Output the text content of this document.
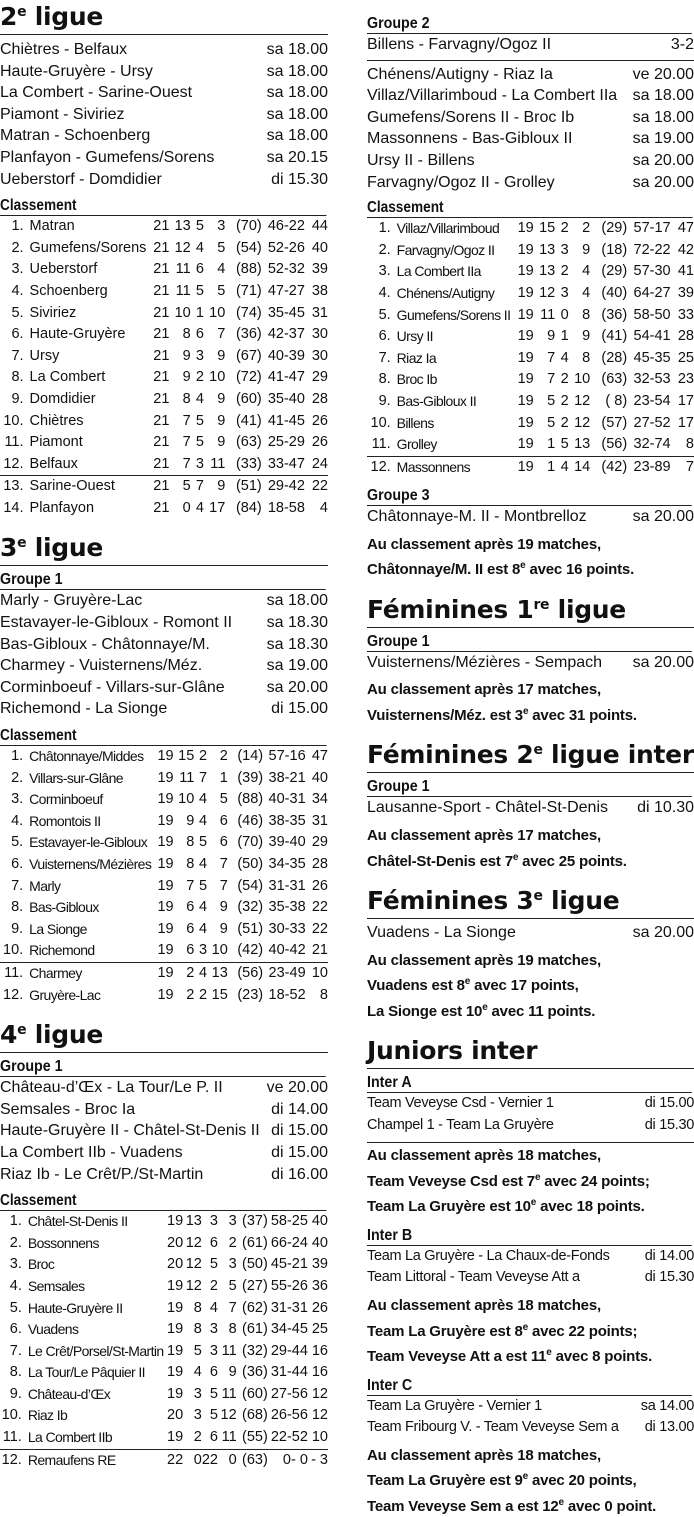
2e ligue
Chiètres - Belfaux	sa 18.00
Haute-Gruyère - Ursy	sa 18.00
La Combert - Sarine-Ouest	sa 18.00
Piamont - Siviriez	sa 18.00
Matran - Schoenberg	sa 18.00
Planfayon - Gumefens/Sorens	sa 20.15
Ueberstorf - Domdidier	di 15.30
Classement
1.	Matran	21	13	5	3	(70)	46-22	44
2.	Gumefens/Sorens	21	12	4	5	(54)	52-26	40
3.	Ueberstorf	21	11	6	4	(88)	52-32	39
4.	Schoenberg	21	11	5	5	(71)	47-27	38
5.	Siviriez	21	10	1	10	(74)	35-45	31
6.	Haute-Gruyère	21	8	6	7	(36)	42-37	30
7.	Ursy	21	9	3	9	(67)	40-39	30
8.	La Combert	21	9	2	10	(72)	41-47	29
9.	Domdidier	21	8	4	9	(60)	35-40	28
10.	Chiètres	21	7	5	9	(41)	41-45	26
11.	Piamont	21	7	5	9	(63)	25-29	26
12.	Belfaux	21	7	3	11	(33)	33-47	24
13.	Sarine-Ouest	21	5	7	9	(51)	29-42	22
14.	Planfayon	21	0	4	17	(84)	18-58	4
3e ligue
Groupe 1
Marly - Gruyère-Lac	sa 18.00
Estavayer-le-Gibloux - Romont II sa 18.30
Bas-Gibloux - Châtonnaye/M.	sa 18.30
Charmey - Vuisternens/Méz.	sa 19.00
Corminboeuf - Villars-sur-Glâne	sa 20.00
Richemond - La Sionge	di 15.00
Classement
1.	Châtonnaye/Middes	19	15	2	2	(14)	57-16	47
2.	Villars-sur-Glâne	19	11	7	1	(39)	38-21	40
3.	Corminboeuf	19	10	4	5	(88)	40-31	34
4.	Romontois II	19	9	4	6	(46)	38-35	31
5.	Estavayer-le-Gibloux	19	8	5	6	(70)	39-40	29
6.	Vuisternens/Mézières	19	8	4	7	(50)	34-35	28
7.	Marly	19	7	5	7	(54)	31-31	26
8.	Bas-Gibloux	19	6	4	9	(32)	35-38	22
9.	La Sionge	19	6	4	9	(51)	30-33	22
10.	Richemond	19	6	3	10	(42)	40-42	21
11.	Charmey	19	2	4	13	(56)	23-49	10
12.	Gruyère-Lac	19	2	2	15	(23)	18-52	8
4e ligue
Groupe 1
Château-d’Œx - La Tour/Le P. II	ve 20.00
Semsales - Broc Ia	di 14.00
Haute-Gruyère II - Châtel-St-Denis II di 15.00
La Combert IIb - Vuadens	di 15.00
Riaz Ib - Le Crêt/P./St-Martin	di 16.00
Classement
1.	Châtel-St-Denis II	19	13	3	3	(37)	58-25	40
2.	Bossonnens	20	12	6	2	(61)	66-24	40
3.	Broc	20	12	5	3	(50)	45-21	39
4.	Semsales	19	12	2	5	(27)	55-26	36
5.	Haute-Gruyère II	19	8	4	7	(62)	31-31	26
6.	Vuadens	19	8	3	8	(61)	34-45	25
7.	Le Crêt/Porsel/St-Martin	19	5	3	11	(32)	29-44	16
8.	La Tour/Le Pâquier II	19	4	6	9	(36)	31-44	16
9.	Château-d’Œx	19	3	5	11	(60)	27-56	12
10.	Riaz Ib	20	3	5	12	(68)	26-56	12
11.	La Combert IIb	19	2	6	11	(55)	22-52	10
12.	Remaufens RE	22	0	22	0	(63)	0- 0	- 3
Groupe 2
Billens - Farvagny/Ogoz II	3-2
Chénens/Autigny - Riaz Ia	ve 20.00
Villaz/Villarimboud - La Combert IIa sa 18.00
Gumefens/Sorens II - Broc Ib	sa 18.00
Massonnens - Bas-Gibloux II	sa 19.00
Ursy II - Billens	sa 20.00
Farvagny/Ogoz II - Grolley	sa 20.00
Classement
1.	Villaz/Villarimboud	19	15	2	2	(29)	57-17	47
2.	Farvagny/Ogoz II	19	13	3	9	(18)	72-22	42
3.	La Combert IIa	19	13	2	4	(29)	57-30	41
4.	Chénens/Autigny	19	12	3	4	(40)	64-27	39
5.	Gumefens/Sorens II	19	11	0	8	(36)	58-50	33
6.	Ursy II	19	9	1	9	(41)	54-41	28
7.	Riaz Ia	19	7	4	8	(28)	45-35	25
8.	Broc Ib	19	7	2	10	(63)	32-53	23
9.	Bas-Gibloux II	19	5	2	12	( 8)	23-54	17
10.	Billens	19	5	2	12	(57)	27-52	17
11.	Grolley	19	1	5	13	(56)	32-74	8
12.	Massonnens	19	1	4	14	(42)	23-89	7
Groupe 3
Châtonnaye-M. II - Montbrelloz	sa 20.00
Au classement après 19 matches,
Châtonnaye/M. II est 8e avec 16 points.
Féminines 1re ligue
Groupe 1
Vuisternens/Mézières - Sempach sa 20.00
Au classement après 17 matches,
Vuisternens/Méz. est 3e avec 31 points.
Féminines 2e ligue inter
Groupe 1
Lausanne-Sport - Châtel-St-Denis di 10.30
Au classement après 17 matches,
Châtel-St-Denis est 7e avec 25 points.
Féminines 3e ligue
Vuadens - La Sionge	sa 20.00
Au classement après 19 matches,
Vuadens est 8e avec 17 points,
La Sionge est 10e avec 11 points.
Juniors inter
Inter A
Team Veveyse Csd - Vernier 1	di 15.00
Champel 1 - Team La Gruyère	di 15.30
Au classement après 18 matches,
Team Veveyse Csd est 7e avec 24 points;
Team La Gruyère est 10e avec 18 points.
Inter B
Team La Gruyère - La Chaux-de-Fonds di 14.00
Team Littoral - Team Veveyse Att a	di 15.30
Au classement après 18 matches,
Team La Gruyère est 8e avec 22 points;
Team Veveyse Att a est 11e avec 8 points.
Inter C
Team La Gruyère - Vernier 1	sa 14.00
Team Fribourg V. - Team Veveyse Sem a di 13.00
Au classement après 18 matches,
Team La Gruyère est 9e avec 20 points,
Team Veveyse Sem a est 12e avec 0 point.
